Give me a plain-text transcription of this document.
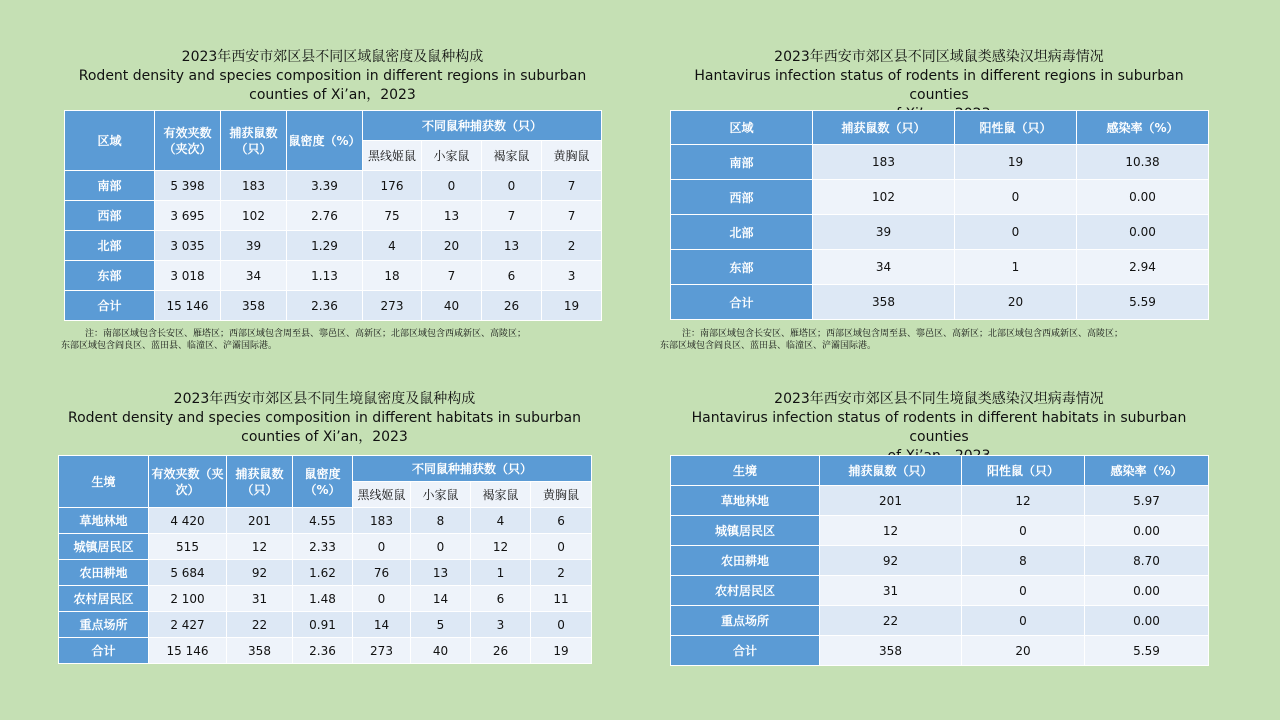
2023年西安市郊区县不同区域鼠密度及鼠种构成
Rodent density and species composition in different regions in suburban
counties of Xi’an，2023
区域	有效夹数（夹次）	捕获鼠数（只）	鼠密度（%）	不同鼠种捕获数（只）			
				黑线姬鼠	小家鼠	褐家鼠	黄胸鼠
南部	5 398	183	3.39	176	0	0	7
西部	3 695	102	2.76	75	13	7	7
北部	3 035	39	1.29	4	20	13	2
东部	3 018	34	1.13	18	7	6	3
合计	15 146	358	2.36	273	40	26	19
注：南部区域包含长安区、雁塔区；西部区域包含周至县、鄠邑区、高新区；北部区域包含西咸新区、高陵区；
东部区域包含阎良区、蓝田县、临潼区、浐灞国际港。
2023年西安市郊区县不同区域鼠类感染汉坦病毒情况
Hantavirus infection status of rodents in different regions in suburban counties
区域	捕获鼠数（只）	阳性鼠（只）	感染率（%）
南部	183	19	10.38
西部	102	0	0.00
北部	39	0	0.00
东部	34	1	2.94
合计	358	20	5.59
注：南部区域包含长安区、雁塔区；西部区域包含周至县、鄠邑区、高新区；北部区域包含西咸新区、高陵区；
东部区域包含阎良区、蓝田县、临潼区、浐灞国际港。
2023年西安市郊区县不同生境鼠密度及鼠种构成
Rodent density and species composition in different habitats in suburban
counties of Xi’an，2023
生境	有效夹数（夹次）	捕获鼠数（只）	鼠密度（%）	不同鼠种捕获数（只）			
				黑线姬鼠	小家鼠	褐家鼠	黄胸鼠
草地林地	4 420	201	4.55	183	8	4	6
城镇居民区	515	12	2.33	0	0	12	0
农田耕地	5 684	92	1.62	76	13	1	2
农村居民区	2 100	31	1.48	0	14	6	11
重点场所	2 427	22	0.91	14	5	3	0
合计	15 146	358	2.36	273	40	26	19
2023年西安市郊区县不同生境鼠类感染汉坦病毒情况
Hantavirus infection status of rodents in different habitats in suburban counties
生境	捕获鼠数（只）	阳性鼠（只）	感染率（%）
草地林地	201	12	5.97
城镇居民区	12	0	0.00
农田耕地	92	8	8.70
农村居民区	31	0	0.00
重点场所	22	0	0.00
合计	358	20	5.59
